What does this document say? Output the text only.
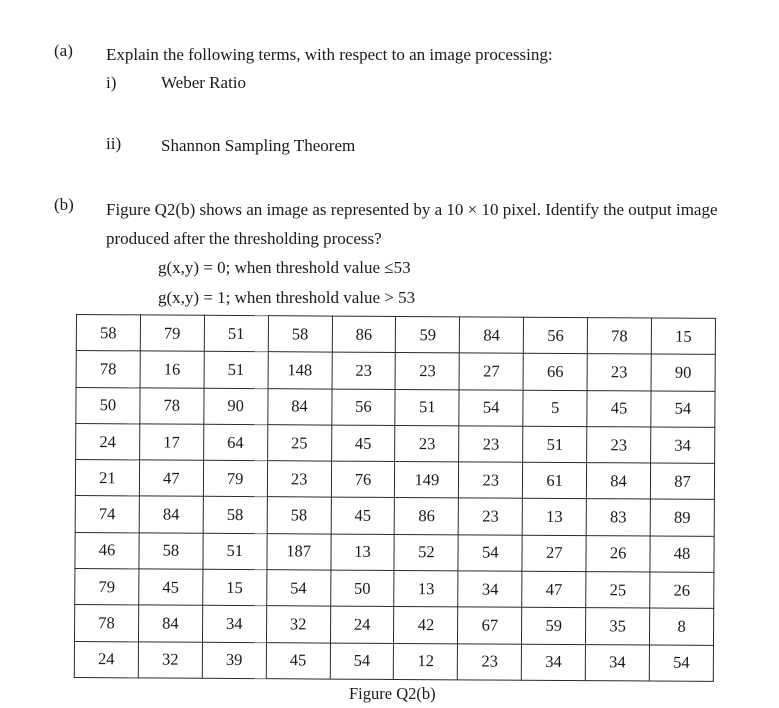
(a) Explain the following terms, with respect to an image processing:
i)	Weber Ratio
ii) Shannon Sampling Theorem
(b) Figure Q2(b) shows an image as represented by a 10 × 10 pixel. Identify the output image
produced after the thresholding process?
g(x,y) = 0; when threshold value ≤53
g(x,y) = 1; when threshold value > 53
58	79	51	58	86	59	84	56	78	15
78	16	51	148	23	23	27	66	23	90
50	78	90	84	56	51	54	5	45	54
24	17	64	25	45	23	23	51	23	34
21	47	79	23	76	149	23	61	84	87
74	84	58	58	45	86	23	13	83	89
46	58	51	187	13	52	54	27	26	48
79	45	15	54	50	13	34	47	25	26
78	84	34	32	24	42	67	59	35	8
24	32	39	45	54	12	23	34	34	54
Figure Q2(b)
